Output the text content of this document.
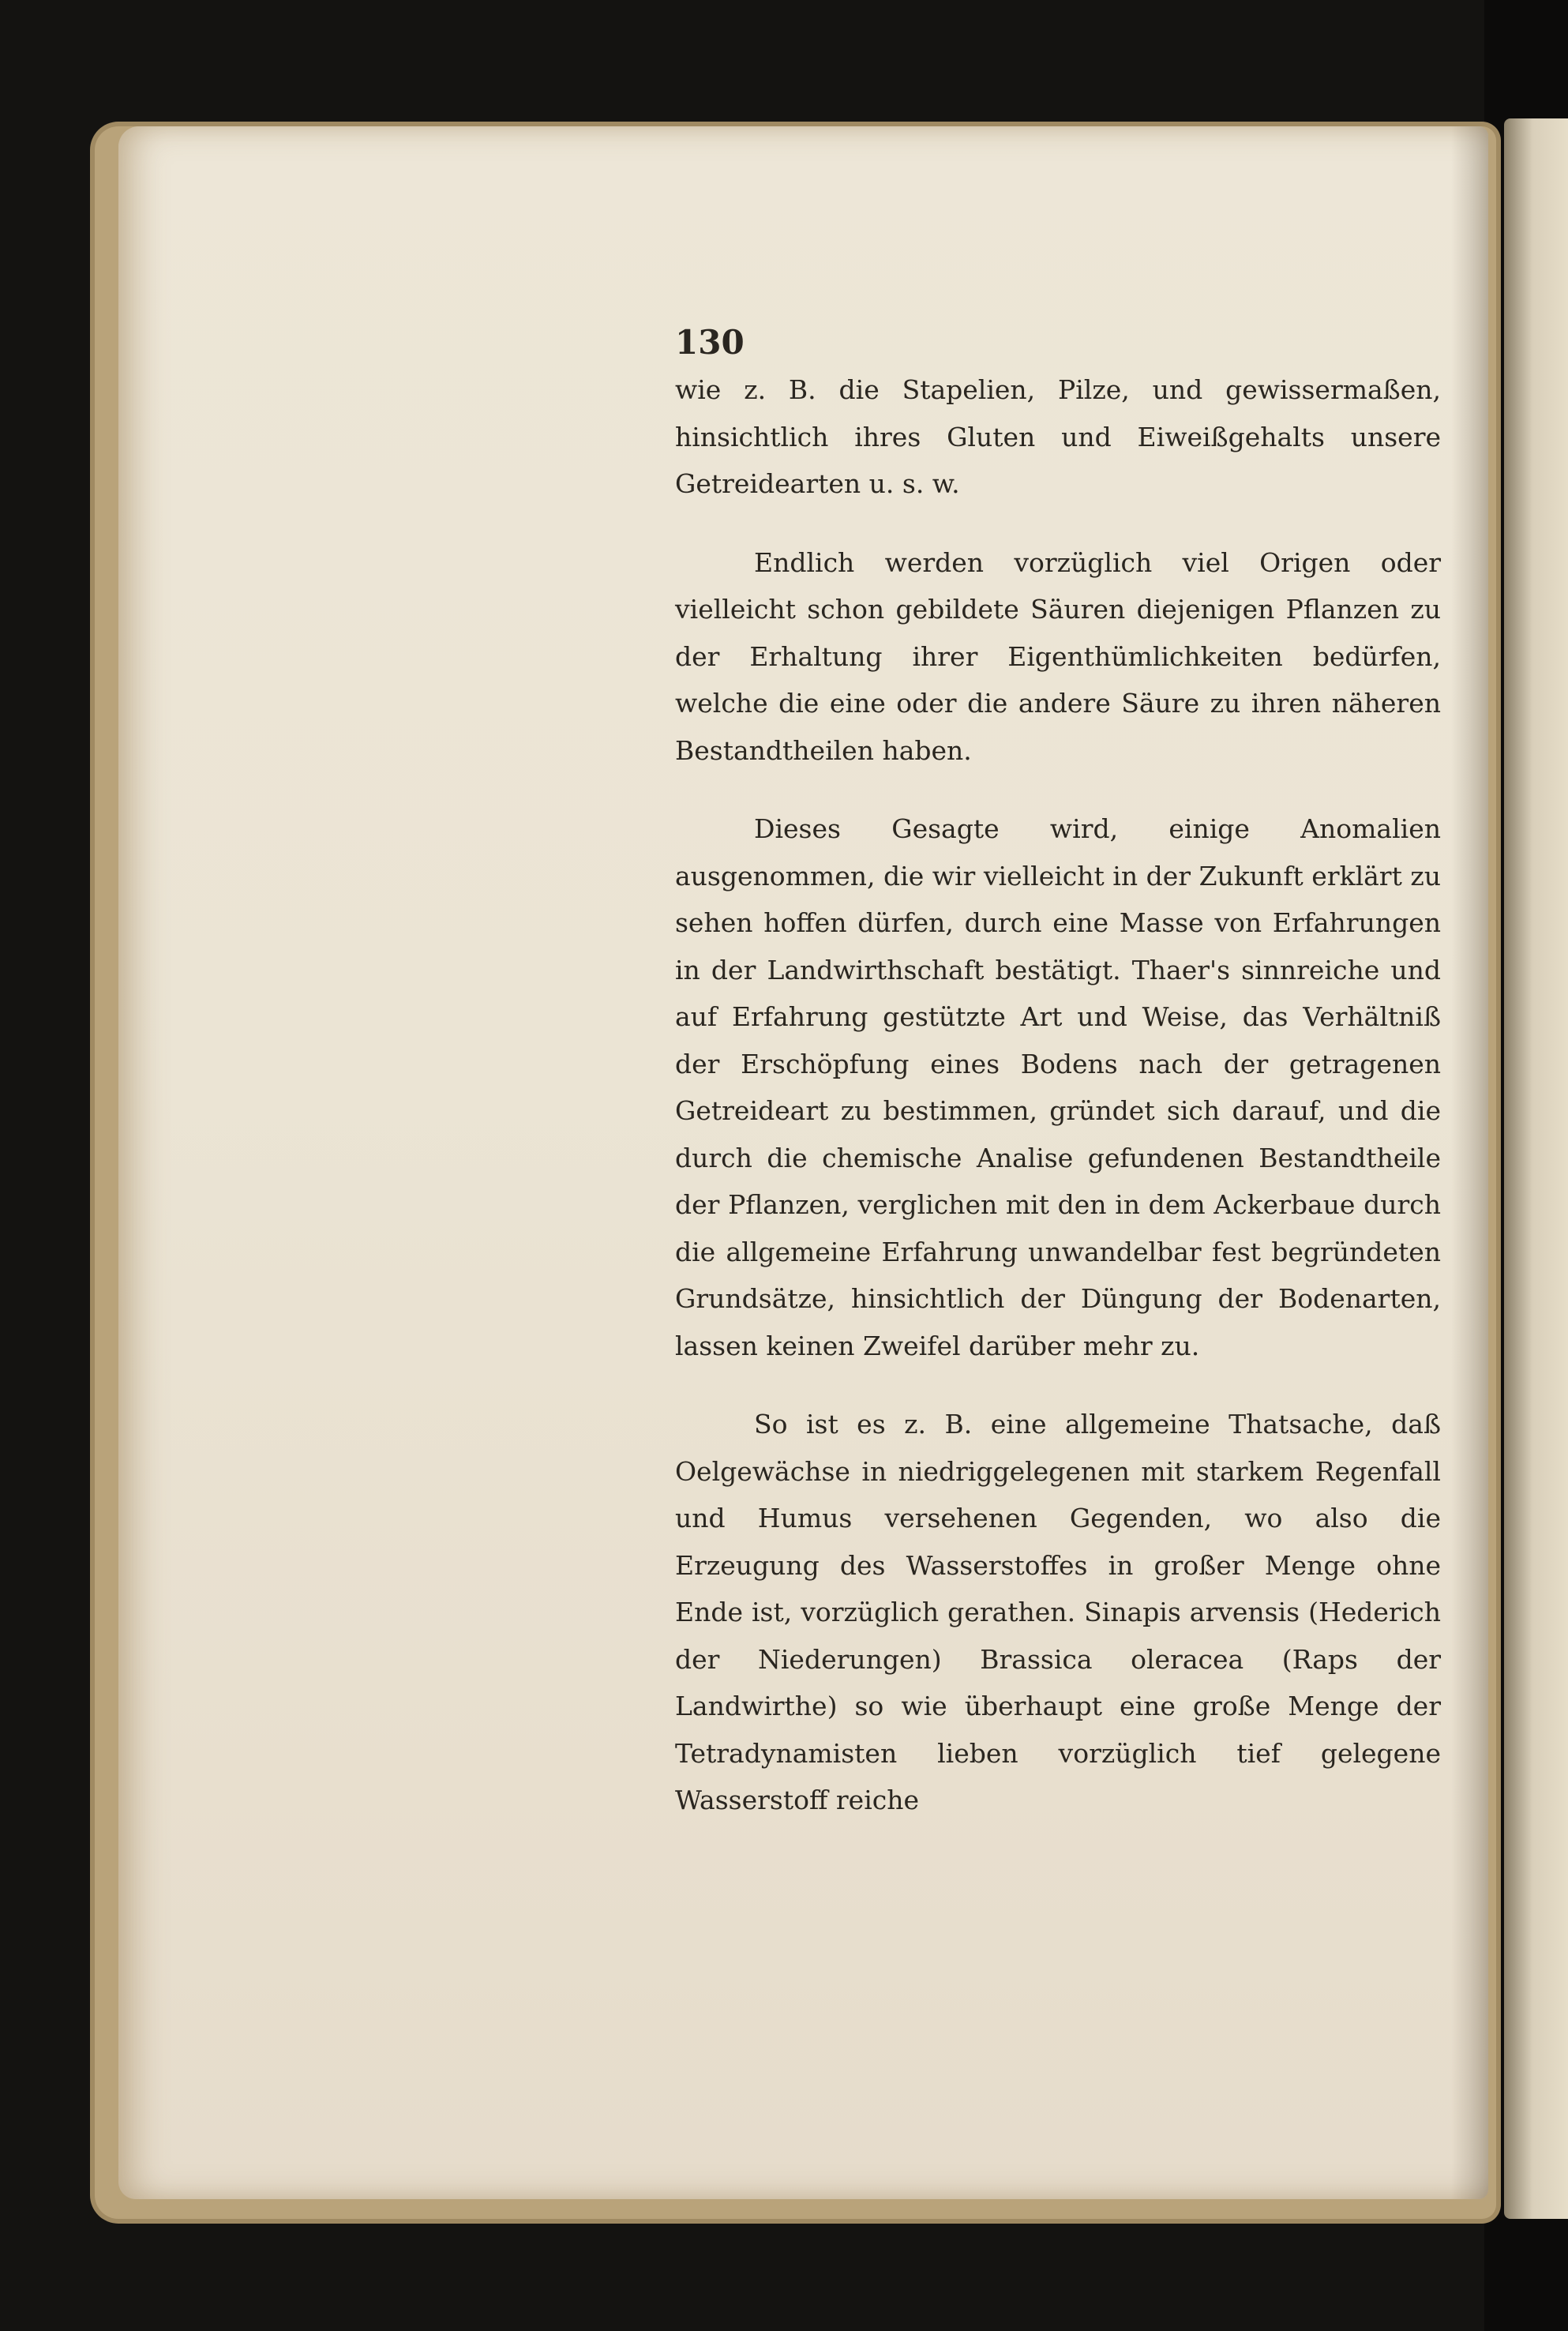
130

wie z. B. die Stapelien, Pilze, und gewissermaßen, hinsichtlich ihres Gluten und Eiweißgehalts unsere Getreidearten u. s. w.

Endlich werden vorzüglich viel Origen oder vielleicht schon gebildete Säuren diejenigen Pflanzen zu der Erhaltung ihrer Eigenthümlichkeiten bedürfen, welche die eine oder die andere Säure zu ihren näheren Bestandtheilen haben.

Dieses Gesagte wird, einige Anomalien ausgenommen, die wir vielleicht in der Zukunft erklärt zu sehen hoffen dürfen, durch eine Masse von Erfahrungen in der Landwirthschaft bestätigt. Thaer's sinnreiche und auf Erfahrung gestützte Art und Weise, das Verhältniß der Erschöpfung eines Bodens nach der getragenen Getreideart zu bestimmen, gründet sich darauf, und die durch die chemische Analise gefundenen Bestandtheile der Pflanzen, verglichen mit den in dem Ackerbaue durch die allgemeine Erfahrung unwandelbar fest begründeten Grundsätze, hinsichtlich der Düngung der Bodenarten, lassen keinen Zweifel darüber mehr zu.

So ist es z. B. eine allgemeine Thatsache, daß Oelgewächse in niedriggelegenen mit starkem Regenfall und Humus versehenen Gegenden, wo also die Erzeugung des Wasserstoffes in großer Menge ohne Ende ist, vorzüglich gerathen. Sinapis arvensis (Hederich der Niederungen) Brassica oleracea (Raps der Landwirthe) so wie überhaupt eine große Menge der Tetradynamisten lieben vorzüglich tief gelegene Wasserstoff reiche
